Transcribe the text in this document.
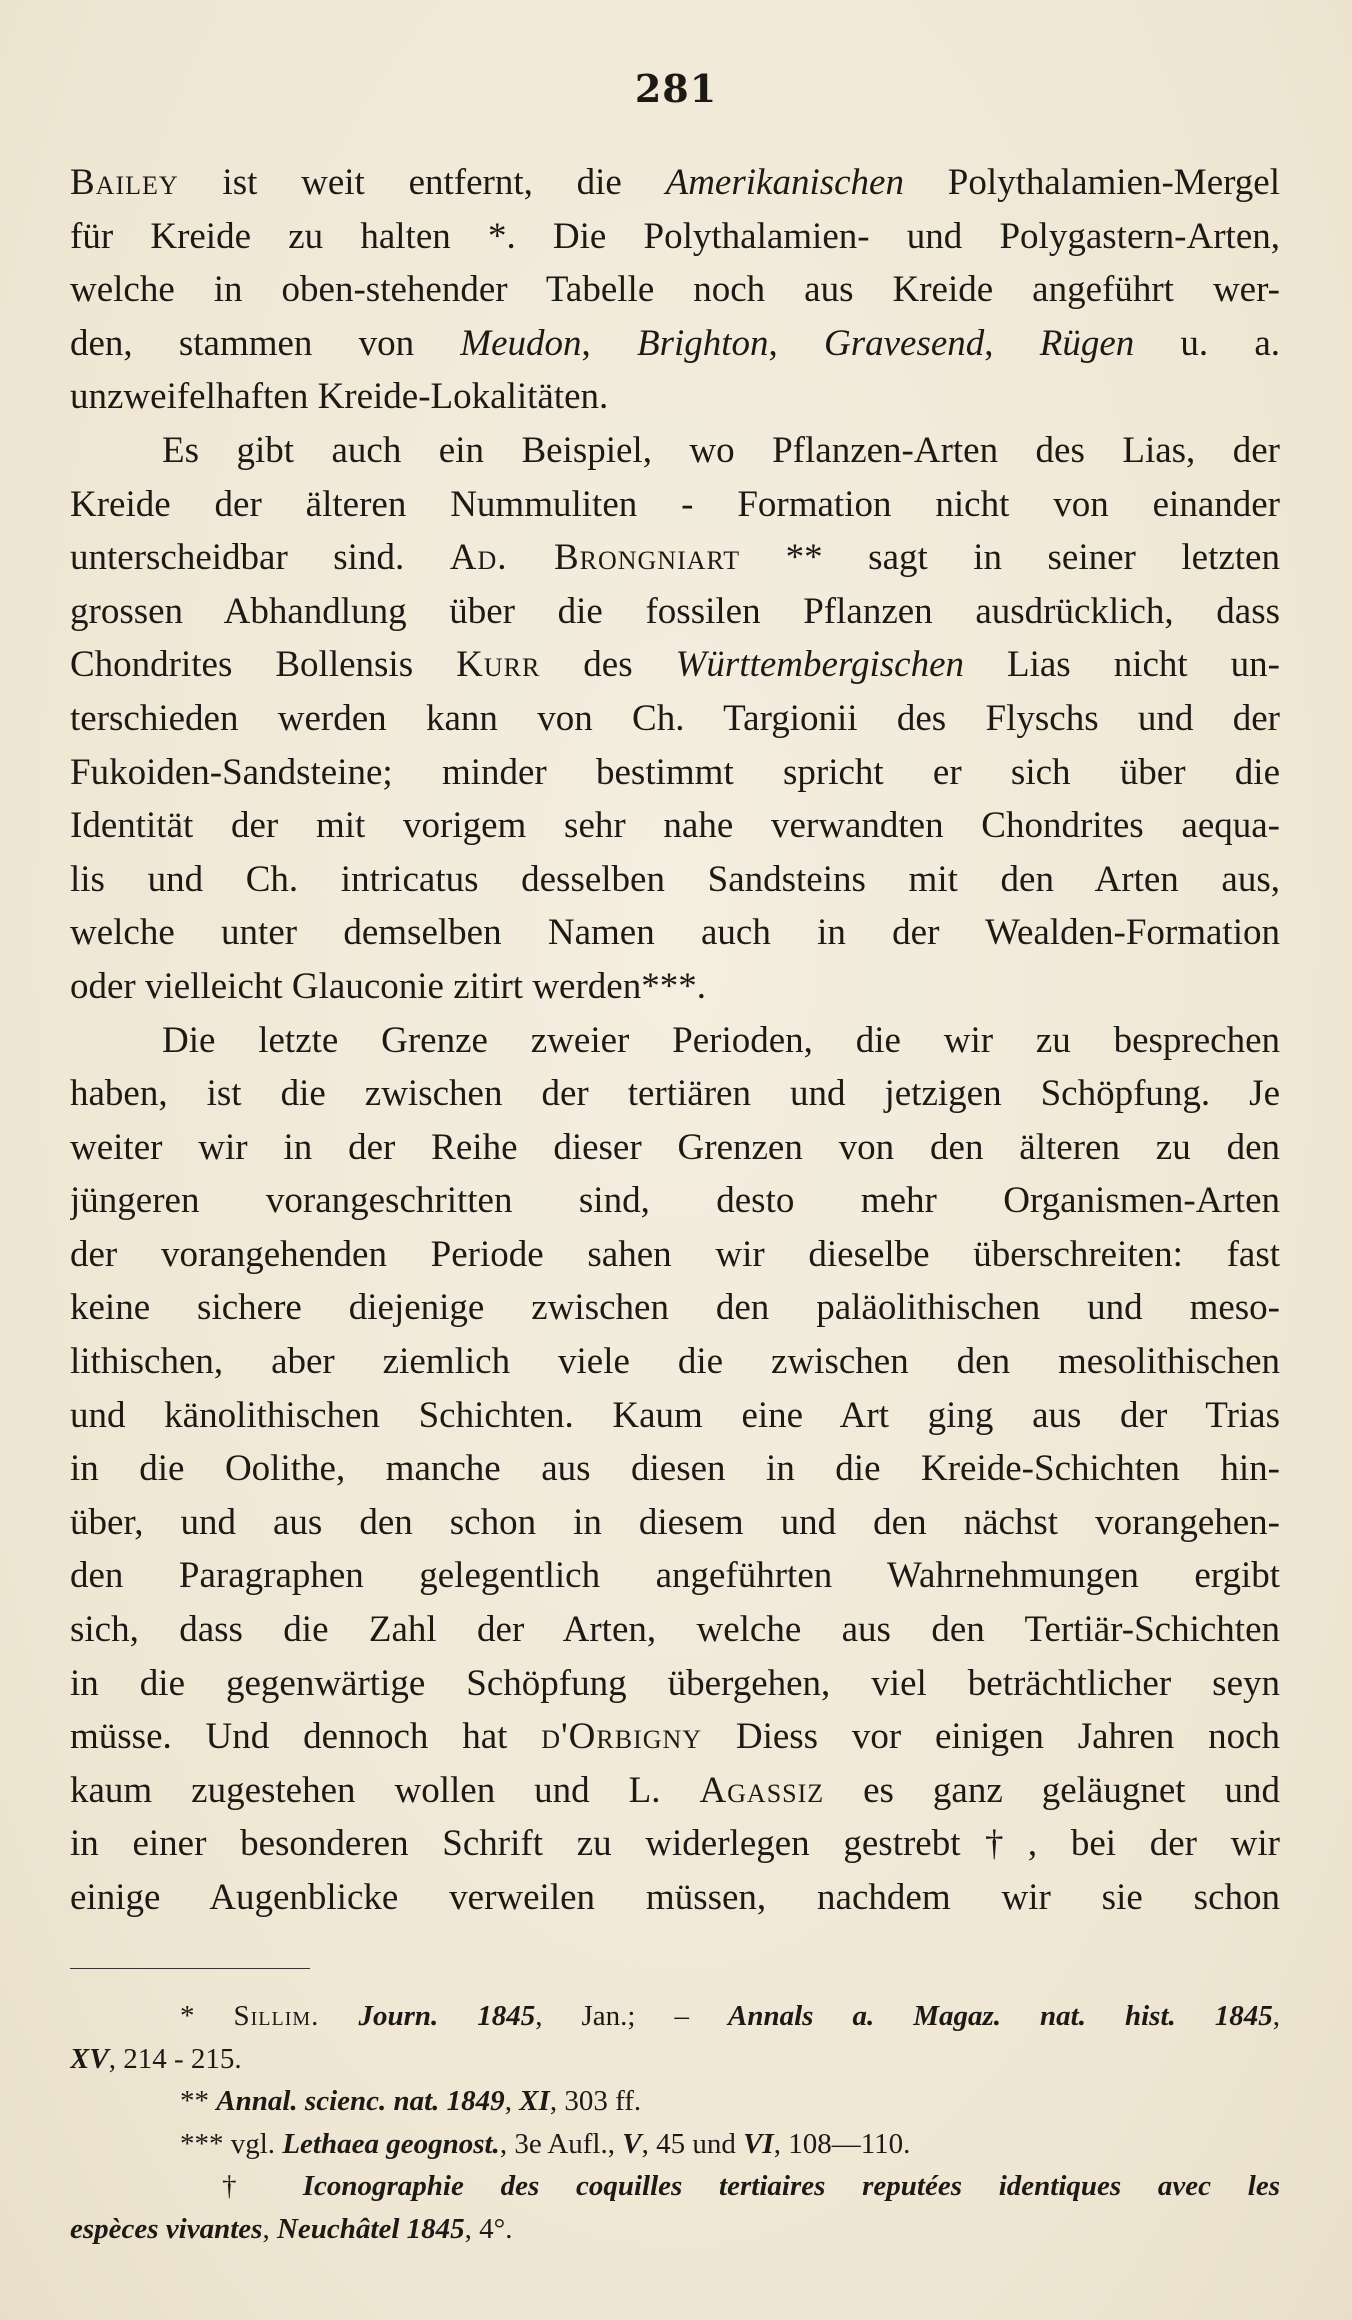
281
Bailey ist weit entfernt, die Amerikanischen Polythalamien-Mergel
für Kreide zu halten *. Die Polythalamien- und Polygastern-Arten,
welche in oben-stehender Tabelle noch aus Kreide angeführt wer-
den, stammen von Meudon, Brighton, Gravesend, Rügen u. a.
unzweifelhaften Kreide-Lokalitäten.
Es gibt auch ein Beispiel, wo Pflanzen-Arten des Lias, der
Kreide der älteren Nummuliten - Formation nicht von einander
unterscheidbar sind. Ad. Brongniart ** sagt in seiner letzten
grossen Abhandlung über die fossilen Pflanzen ausdrücklich, dass
Chondrites Bollensis Kurr des Württembergischen Lias nicht un-
terschieden werden kann von Ch. Targionii des Flyschs und der
Fukoiden-Sandsteine; minder bestimmt spricht er sich über die
Identität der mit vorigem sehr nahe verwandten Chondrites aequa-
lis und Ch. intricatus desselben Sandsteins mit den Arten aus,
welche unter demselben Namen auch in der Wealden-Formation
oder vielleicht Glauconie zitirt werden***.
Die letzte Grenze zweier Perioden, die wir zu besprechen
haben, ist die zwischen der tertiären und jetzigen Schöpfung. Je
weiter wir in der Reihe dieser Grenzen von den älteren zu den
jüngeren vorangeschritten sind, desto mehr Organismen-Arten
der vorangehenden Periode sahen wir dieselbe überschreiten: fast
keine sichere diejenige zwischen den paläolithischen und meso-
lithischen, aber ziemlich viele die zwischen den mesolithischen
und känolithischen Schichten. Kaum eine Art ging aus der Trias
in die Oolithe, manche aus diesen in die Kreide-Schichten hin-
über, und aus den schon in diesem und den nächst vorangehen-
den Paragraphen gelegentlich angeführten Wahrnehmungen ergibt
sich, dass die Zahl der Arten, welche aus den Tertiär-Schichten
in die gegenwärtige Schöpfung übergehen, viel beträchtlicher seyn
müsse. Und dennoch hat d'Orbigny Diess vor einigen Jahren noch
kaum zugestehen wollen und L. Agassiz es ganz geläugnet und
in einer besonderen Schrift zu widerlegen gestrebt†, bei der wir
einige Augenblicke verweilen müssen, nachdem wir sie schon
* Sillim. Journ. 1845, Jan.; – Annals a. Magaz. nat. hist. 1845,
XV, 214 - 215.
** Annal. scienc. nat. 1849, XI, 303 ff.
*** vgl. Lethaea geognost., 3e Aufl., V, 45 und VI, 108—110.
† Iconographie des coquilles tertiaires reputées identiques avec les
espèces vivantes, Neuchâtel 1845, 4°.
